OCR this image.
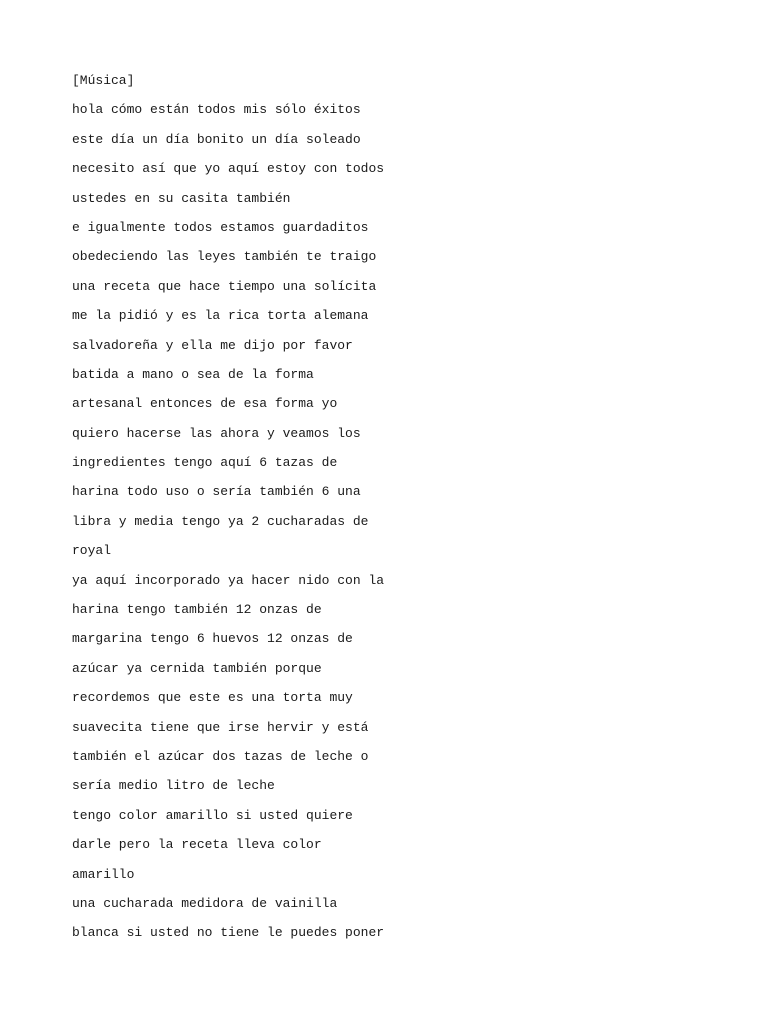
[Música]
hola cómo están todos mis sólo éxitos
este día un día bonito un día soleado
necesito así que yo aquí estoy con todos
ustedes en su casita también
e igualmente todos estamos guardaditos
obedeciendo las leyes también te traigo
una receta que hace tiempo una solícita
me la pidió y es la rica torta alemana
salvadoreña y ella me dijo por favor
batida a mano o sea de la forma
artesanal entonces de esa forma yo
quiero hacerse las ahora y veamos los
ingredientes tengo aquí 6 tazas de
harina todo uso o sería también 6 una
libra y media tengo ya 2 cucharadas de
royal
ya aquí incorporado ya hacer nido con la
harina tengo también 12 onzas de
margarina tengo 6 huevos 12 onzas de
azúcar ya cernida también porque
recordemos que este es una torta muy
suavecita tiene que irse hervir y está
también el azúcar dos tazas de leche o
sería medio litro de leche
tengo color amarillo si usted quiere
darle pero la receta lleva color
amarillo
una cucharada medidora de vainilla
blanca si usted no tiene le puedes poner
